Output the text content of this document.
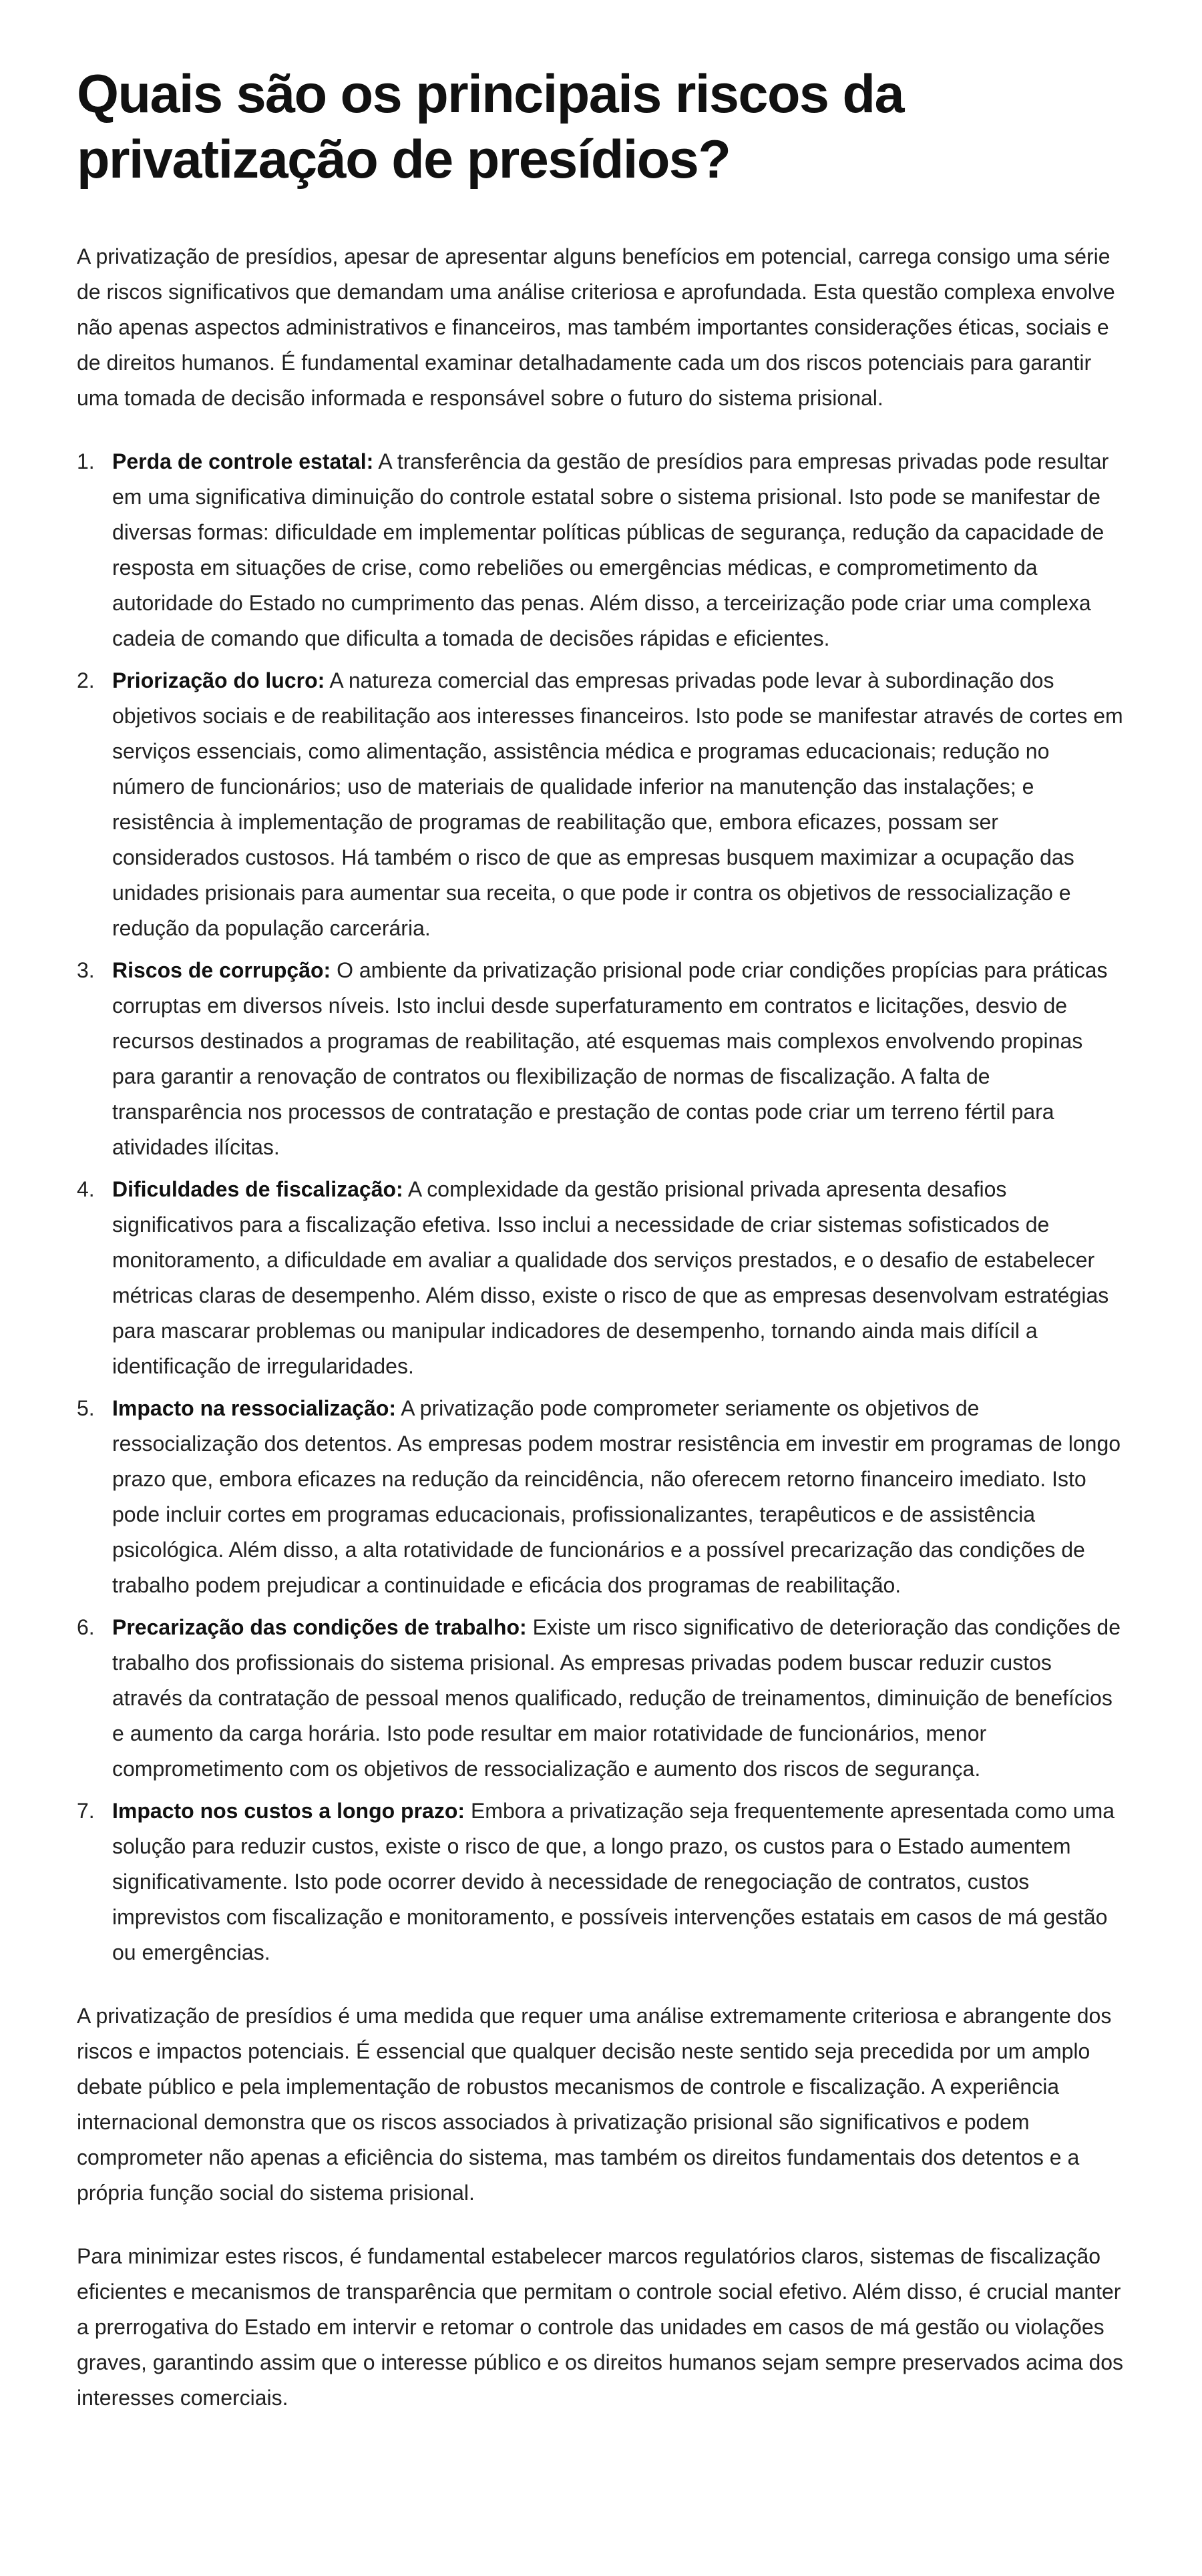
Quais são os principais riscos da privatização de presídios?

A privatização de presídios, apesar de apresentar alguns benefícios em potencial, carrega consigo uma série de riscos significativos que demandam uma análise criteriosa e aprofundada. Esta questão complexa envolve não apenas aspectos administrativos e financeiros, mas também importantes considerações éticas, sociais e de direitos humanos. É fundamental examinar detalhadamente cada um dos riscos potenciais para garantir uma tomada de decisão informada e responsável sobre o futuro do sistema prisional.

1. Perda de controle estatal: A transferência da gestão de presídios para empresas privadas pode resultar em uma significativa diminuição do controle estatal sobre o sistema prisional. Isto pode se manifestar de diversas formas: dificuldade em implementar políticas públicas de segurança, redução da capacidade de resposta em situações de crise, como rebeliões ou emergências médicas, e comprometimento da autoridade do Estado no cumprimento das penas. Além disso, a terceirização pode criar uma complexa cadeia de comando que dificulta a tomada de decisões rápidas e eficientes.
2. Priorização do lucro: A natureza comercial das empresas privadas pode levar à subordinação dos objetivos sociais e de reabilitação aos interesses financeiros. Isto pode se manifestar através de cortes em serviços essenciais, como alimentação, assistência médica e programas educacionais; redução no número de funcionários; uso de materiais de qualidade inferior na manutenção das instalações; e resistência à implementação de programas de reabilitação que, embora eficazes, possam ser considerados custosos. Há também o risco de que as empresas busquem maximizar a ocupação das unidades prisionais para aumentar sua receita, o que pode ir contra os objetivos de ressocialização e redução da população carcerária.
3. Riscos de corrupção: O ambiente da privatização prisional pode criar condições propícias para práticas corruptas em diversos níveis. Isto inclui desde superfaturamento em contratos e licitações, desvio de recursos destinados a programas de reabilitação, até esquemas mais complexos envolvendo propinas para garantir a renovação de contratos ou flexibilização de normas de fiscalização. A falta de transparência nos processos de contratação e prestação de contas pode criar um terreno fértil para atividades ilícitas.
4. Dificuldades de fiscalização: A complexidade da gestão prisional privada apresenta desafios significativos para a fiscalização efetiva. Isso inclui a necessidade de criar sistemas sofisticados de monitoramento, a dificuldade em avaliar a qualidade dos serviços prestados, e o desafio de estabelecer métricas claras de desempenho. Além disso, existe o risco de que as empresas desenvolvam estratégias para mascarar problemas ou manipular indicadores de desempenho, tornando ainda mais difícil a identificação de irregularidades.
5. Impacto na ressocialização: A privatização pode comprometer seriamente os objetivos de ressocialização dos detentos. As empresas podem mostrar resistência em investir em programas de longo prazo que, embora eficazes na redução da reincidência, não oferecem retorno financeiro imediato. Isto pode incluir cortes em programas educacionais, profissionalizantes, terapêuticos e de assistência psicológica. Além disso, a alta rotatividade de funcionários e a possível precarização das condições de trabalho podem prejudicar a continuidade e eficácia dos programas de reabilitação.
6. Precarização das condições de trabalho: Existe um risco significativo de deterioração das condições de trabalho dos profissionais do sistema prisional. As empresas privadas podem buscar reduzir custos através da contratação de pessoal menos qualificado, redução de treinamentos, diminuição de benefícios e aumento da carga horária. Isto pode resultar em maior rotatividade de funcionários, menor comprometimento com os objetivos de ressocialização e aumento dos riscos de segurança.
7. Impacto nos custos a longo prazo: Embora a privatização seja frequentemente apresentada como uma solução para reduzir custos, existe o risco de que, a longo prazo, os custos para o Estado aumentem significativamente. Isto pode ocorrer devido à necessidade de renegociação de contratos, custos imprevistos com fiscalização e monitoramento, e possíveis intervenções estatais em casos de má gestão ou emergências.

A privatização de presídios é uma medida que requer uma análise extremamente criteriosa e abrangente dos riscos e impactos potenciais. É essencial que qualquer decisão neste sentido seja precedida por um amplo debate público e pela implementação de robustos mecanismos de controle e fiscalização. A experiência internacional demonstra que os riscos associados à privatização prisional são significativos e podem comprometer não apenas a eficiência do sistema, mas também os direitos fundamentais dos detentos e a própria função social do sistema prisional.

Para minimizar estes riscos, é fundamental estabelecer marcos regulatórios claros, sistemas de fiscalização eficientes e mecanismos de transparência que permitam o controle social efetivo. Além disso, é crucial manter a prerrogativa do Estado em intervir e retomar o controle das unidades em casos de má gestão ou violações graves, garantindo assim que o interesse público e os direitos humanos sejam sempre preservados acima dos interesses comerciais.
